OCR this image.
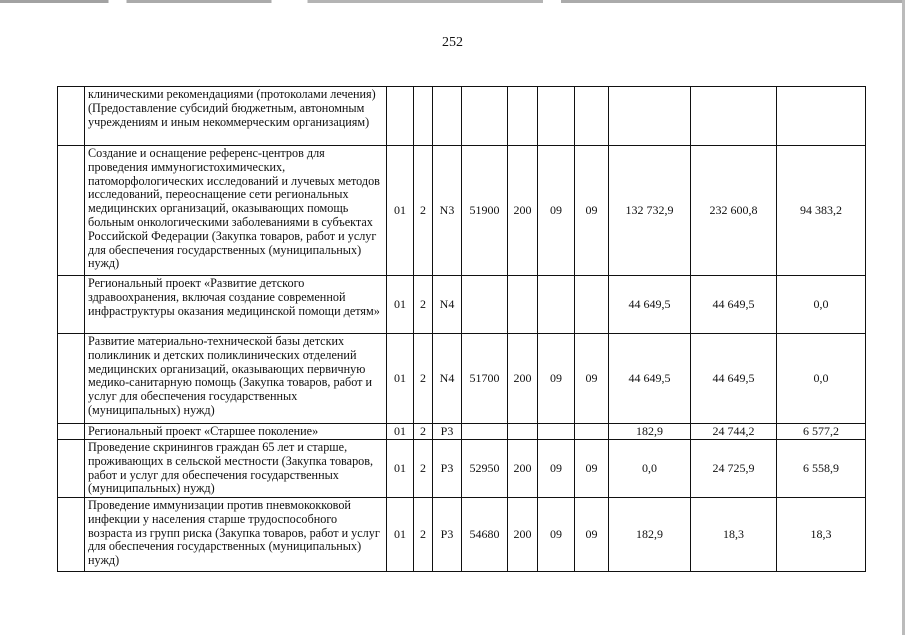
252
	клиническими рекомендациями (протоколами лечения) (Предоставление субсидий бюджетным, автономным учреждениям и иным некоммерческим организациям)										
	Создание и оснащение референс-центров для проведения иммуногистохимических, патоморфологических исследований и лучевых методов исследований, переоснащение сети региональных медицинских организаций, оказывающих помощь больным онкологическими заболеваниями в субъектах Российской Федерации (Закупка товаров, работ и услуг для обеспечения государственных (муниципальных) нужд)	01	2	N3	51900	200	09	09	132 732,9	232 600,8	94 383,2
	Региональный проект «Развитие детского здравоохранения, включая создание современной инфраструктуры оказания медицинской помощи детям»	01	2	N4					44 649,5	44 649,5	0,0
	Развитие материально-технической базы детских поликлиник и детских поликлинических отделений медицинских организаций, оказывающих первичную медико-санитарную помощь (Закупка товаров, работ и услуг для обеспечения государственных (муниципальных) нужд)	01	2	N4	51700	200	09	09	44 649,5	44 649,5	0,0
	Региональный проект «Старшее поколение»	01	2	P3					182,9	24 744,2	6 577,2
	Проведение скринингов граждан 65 лет и старше, проживающих в сельской местности (Закупка товаров, работ и услуг для обеспечения государственных (муниципальных) нужд)	01	2	P3	52950	200	09	09	0,0	24 725,9	6 558,9
	Проведение иммунизации против пневмококковой инфекции у населения старше трудоспособного возраста из групп риска (Закупка товаров, работ и услуг для обеспечения государственных (муниципальных) нужд)	01	2	P3	54680	200	09	09	182,9	18,3	18,3
